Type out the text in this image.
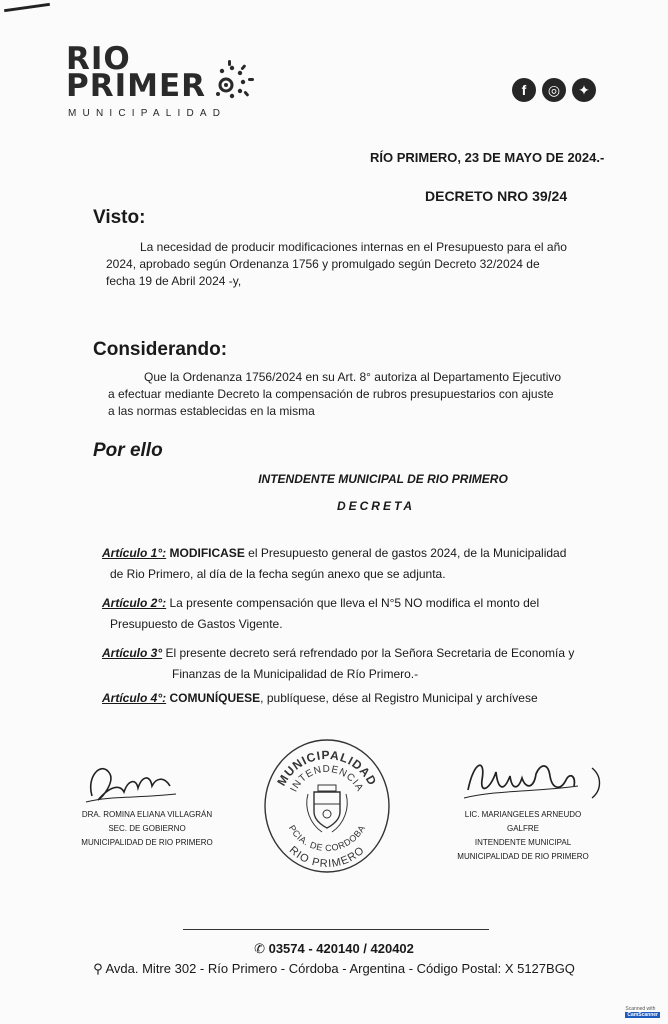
RIO
PRIMER
MUNICIPALIDAD
f	◎	✦
RÍO PRIMERO, 23 DE MAYO DE 2024.-
DECRETO NRO 39/24
Visto:
La necesidad de producir modificaciones internas en el Presupuesto para el año
2024, aprobado según Ordenanza 1756 y promulgado según Decreto 32/2024 de
fecha 19 de Abril 2024 -y,
Considerando:
Que la Ordenanza 1756/2024 en su Art. 8° autoriza al Departamento Ejecutivo
a efectuar mediante Decreto la compensación de rubros presupuestarios con ajuste
a las normas establecidas en la misma
Por ello
INTENDENTE MUNICIPAL DE RIO PRIMERO
DECRETA
Artículo 1°: MODIFICASE el Presupuesto general de gastos 2024, de la Municipalidad
de Rio Primero, al día de la fecha según anexo que se adjunta.
Artículo 2°: La presente compensación que lleva el N°5 NO modifica el monto del
Presupuesto de Gastos Vigente.
Artículo 3° El presente decreto será refrendado por la Señora Secretaria de Economía y
Finanzas de la Municipalidad de Río Primero.-
Artículo 4°: COMUNÍQUESE, publíquese, dése al Registro Municipal y archívese
DRA. ROMINA ELIANA VILLAGRÁN
SEC. DE GOBIERNO
MUNICIPALIDAD DE RIO PRIMERO
MUNICIPALIDAD
INTENDENCIA
PCIA. DE CORDOBA
RIO PRIMERO
LIC. MARIANGELES ARNEUDO GALFRE
INTENDENTE MUNICIPAL
MUNICIPALIDAD DE RIO PRIMERO
✆ 03574 - 420140 / 420402
⚲ Avda. Mitre 302 - Río Primero - Córdoba - Argentina - Código Postal: X 5127BGQ
Scanned with
CamScanner
